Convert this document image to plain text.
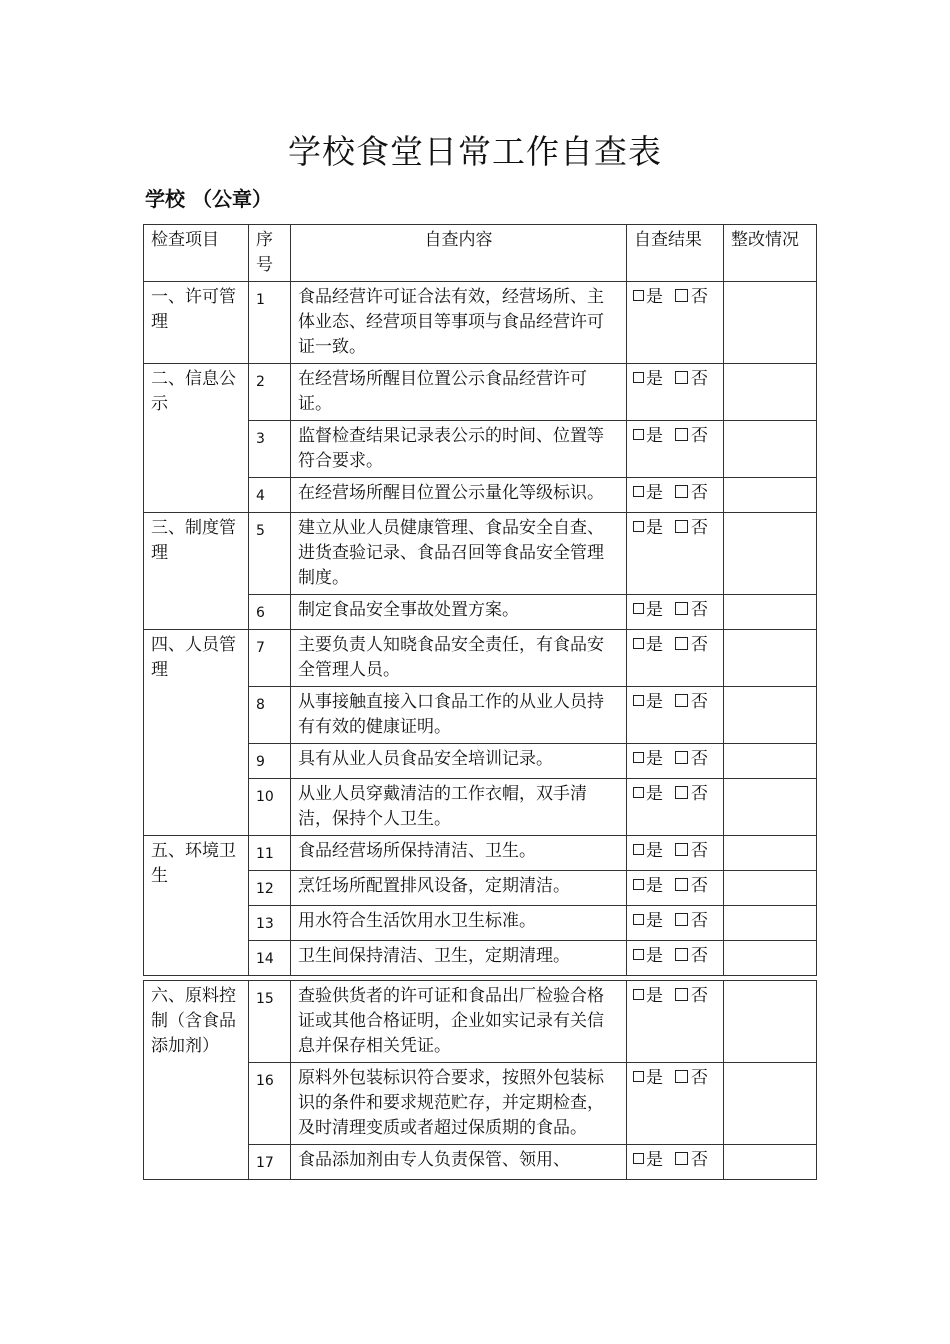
学校食堂日常工作自查表
学校 （公章）
检查项目	序号	自查内容	自查结果	整改情况
一、许可管理	1	食品经营许可证合法有效，经营场所、主体业态、经营项目等事项与食品经营许可证一致。	是 否	
二、信息公示	2	在经营场所醒目位置公示食品经营许可证。	是 否	
	3	监督检查结果记录表公示的时间、位置等符合要求。	是 否	
	4	在经营场所醒目位置公示量化等级标识。	是 否	
三、制度管理	5	建立从业人员健康管理、食品安全自查、进货查验记录、食品召回等食品安全管理制度。	是 否	
	6	制定食品安全事故处置方案。	是 否	
四、人员管理	7	主要负责人知晓食品安全责任，有食品安全管理人员。	是 否	
	8	从事接触直接入口食品工作的从业人员持有有效的健康证明。	是 否	
	9	具有从业人员食品安全培训记录。	是 否	
	10	从业人员穿戴清洁的工作衣帽，双手清洁，保持个人卫生。	是 否	
五、环境卫生	11	食品经营场所保持清洁、卫生。	是 否	
	12	烹饪场所配置排风设备，定期清洁。	是 否	
	13	用水符合生活饮用水卫生标准。	是 否	
	14	卫生间保持清洁、卫生，定期清理。	是 否	
六、原料控制（含食品添加剂）	15	查验供货者的许可证和食品出厂检验合格证或其他合格证明，企业如实记录有关信息并保存相关凭证。	是 否	
	16	原料外包装标识符合要求，按照外包装标识的条件和要求规范贮存，并定期检查，及时清理变质或者超过保质期的食品。	是 否	
	17	食品添加剂由专人负责保管、领用、	是 否	
